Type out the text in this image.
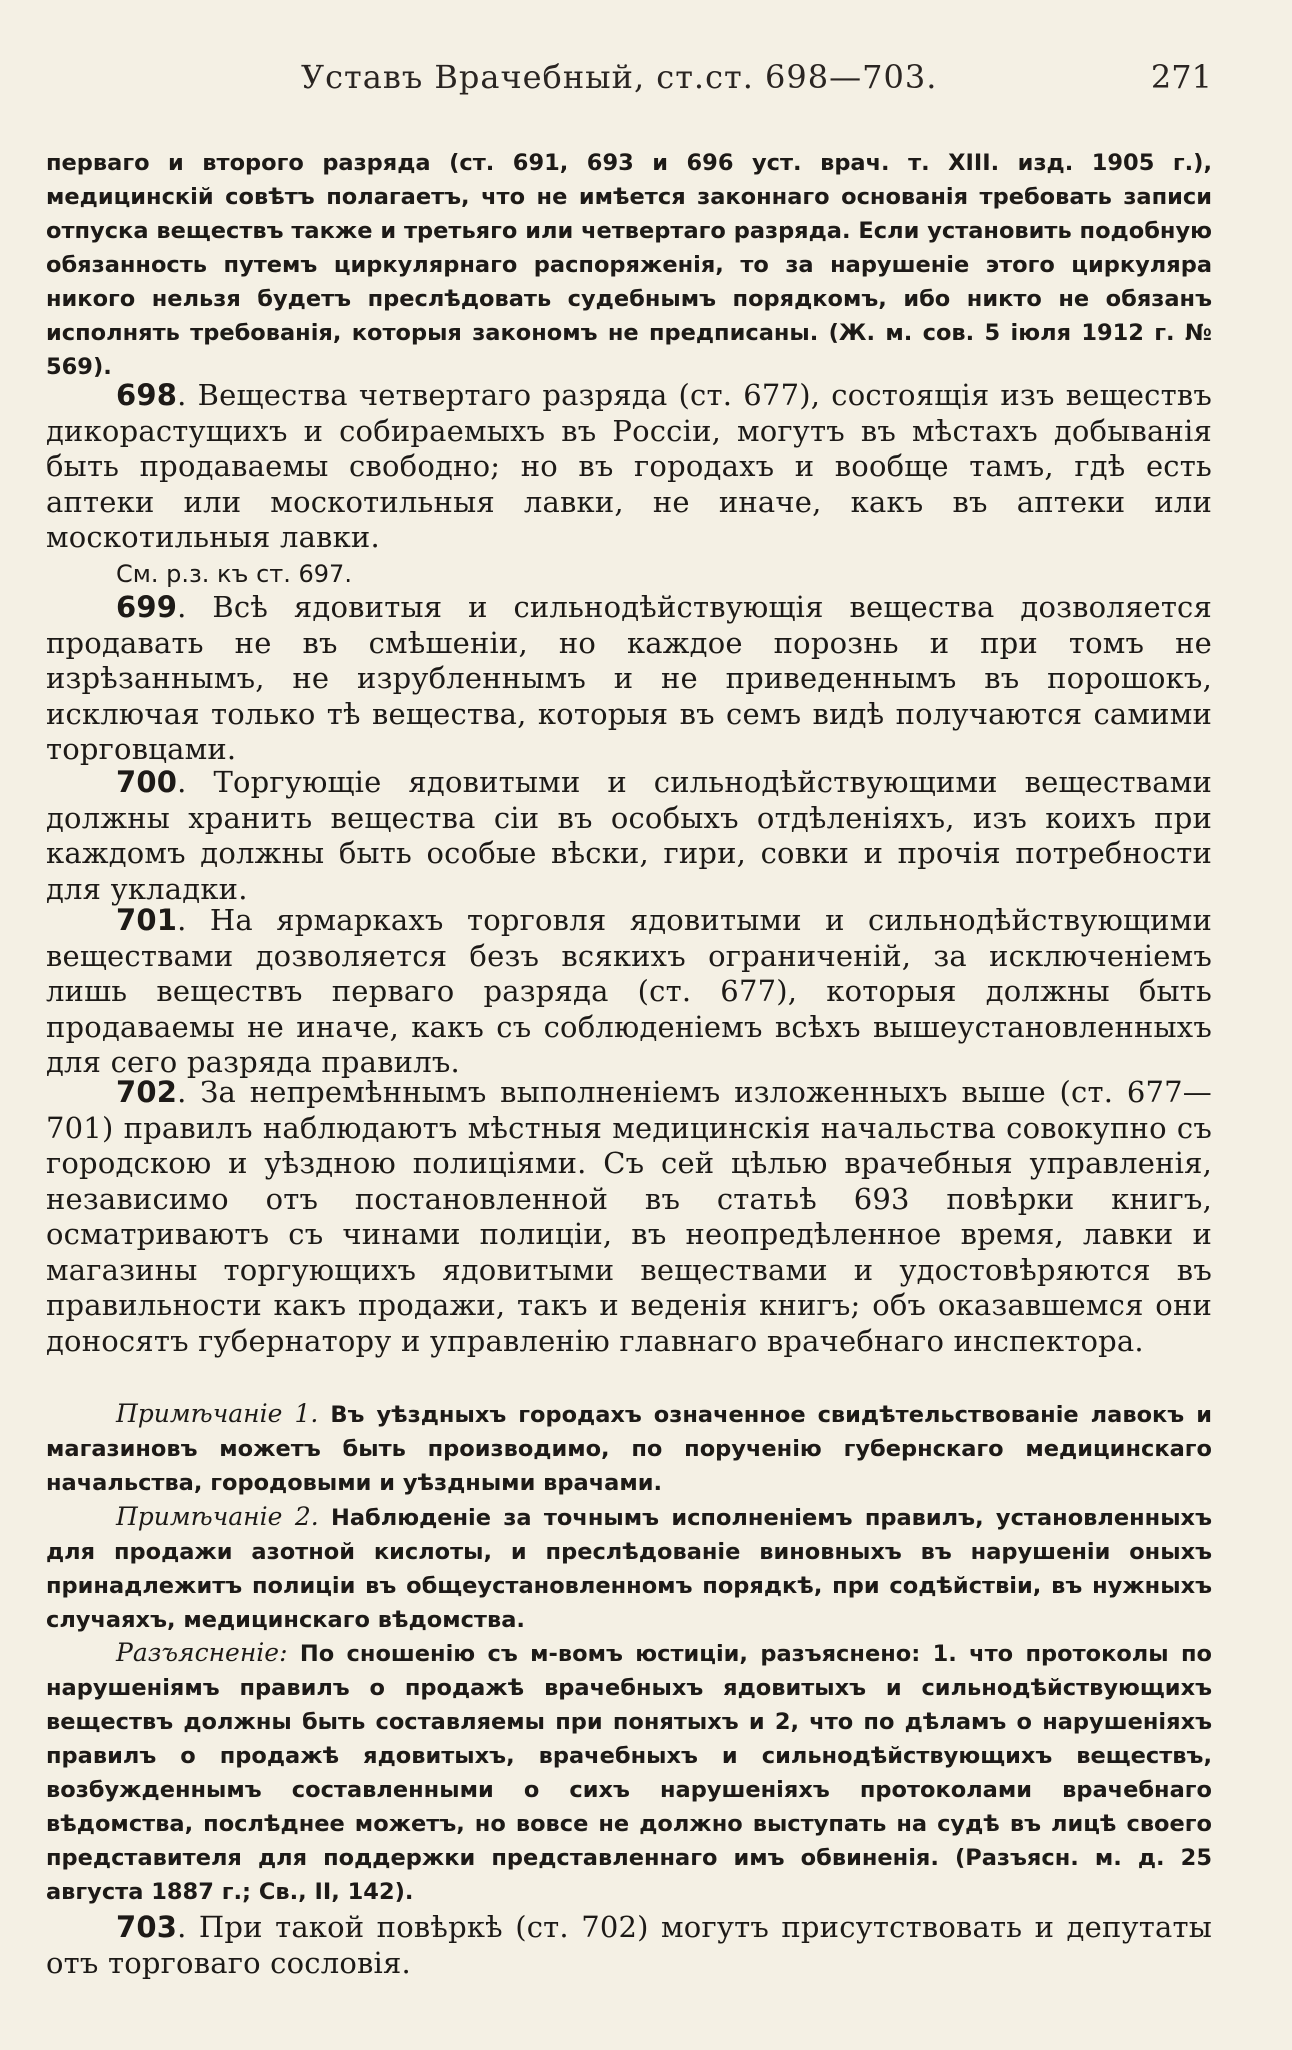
Уставъ Врачебный, ст.ст. 698—703.	271

перваго и второго разряда (ст. 691, 693 и 696 уст. врач. т. XIII. изд. 1905 г.), медицинскій совѣтъ полагаетъ, что не имѣется законнаго основанія требовать записи отпуска веществъ также и третьяго или четвертаго разряда. Если установить подобную обязанность путемъ циркулярнаго распоряженія, то за нарушеніе этого циркуляра никого нельзя будетъ преслѣдовать судебнымъ порядкомъ, ибо никто не обязанъ исполнять требованія, которыя закономъ не предписаны. (Ж. м. сов. 5 іюля 1912 г. № 569).

698. Вещества четвертаго разряда (ст. 677), состоящія изъ веществъ дикорастущихъ и собираемыхъ въ Россіи, могутъ въ мѣстахъ добыванія быть продаваемы свободно; но въ городахъ и вообще тамъ, гдѣ есть аптеки или москотильныя лавки, не иначе, какъ въ аптеки или москотильныя лавки.

См. р.з. къ ст. 697.

699. Всѣ ядовитыя и сильнодѣйствующія вещества дозволяется продавать не въ смѣшеніи, но каждое порознь и при томъ не изрѣзаннымъ, не изрубленнымъ и не приведеннымъ въ порошокъ, исключая только тѣ вещества, которыя въ семъ видѣ получаются самими торговцами.

700. Торгующіе ядовитыми и сильнодѣйствующими веществами должны хранить вещества сіи въ особыхъ отдѣленіяхъ, изъ коихъ при каждомъ должны быть особые вѣски, гири, совки и прочія потребности для укладки.

701. На ярмаркахъ торговля ядовитыми и сильнодѣйствующими веществами дозволяется безъ всякихъ ограниченій, за исключеніемъ лишь веществъ перваго разряда (ст. 677), которыя должны быть продаваемы не иначе, какъ съ соблюденіемъ всѣхъ вышеустановленныхъ для сего разряда правилъ.

702. За непремѣннымъ выполненіемъ изложенныхъ выше (ст. 677—701) правилъ наблюдаютъ мѣстныя медицинскія начальства совокупно съ городскою и уѣздною полиціями. Съ сей цѣлью врачебныя управленія, независимо отъ постановленной въ статьѣ 693 повѣрки книгъ, осматриваютъ съ чинами полиціи, въ неопредѣленное время, лавки и магазины торгующихъ ядовитыми веществами и удостовѣряются въ правильности какъ продажи, такъ и веденія книгъ; объ оказавшемся они доносятъ губернатору и управленію главнаго врачебнаго инспектора.

Примѣчаніе 1. Въ уѣздныхъ городахъ означенное свидѣтельствованіе лавокъ и магазиновъ можетъ быть производимо, по порученію губернскаго медицинскаго начальства, городовыми и уѣздными врачами.

Примѣчаніе 2. Наблюденіе за точнымъ исполненіемъ правилъ, установленныхъ для продажи азотной кислоты, и преслѣдованіе виновныхъ въ нарушеніи оныхъ принадлежитъ полиціи въ общеустановленномъ порядкѣ, при содѣйствіи, въ нужныхъ случаяхъ, медицинскаго вѣдомства.

Разъясненіе: По сношенію съ м-вомъ юстиціи, разъяснено: 1. что протоколы по нарушеніямъ правилъ о продажѣ врачебныхъ ядовитыхъ и сильнодѣйствующихъ веществъ должны быть составляемы при понятыхъ и 2, что по дѣламъ о нарушеніяхъ правилъ о продажѣ ядовитыхъ, врачебныхъ и сильнодѣйствующихъ веществъ, возбужденнымъ составленными о сихъ нарушеніяхъ протоколами врачебнаго вѣдомства, послѣднее можетъ, но вовсе не должно выступать на судѣ въ лицѣ своего представителя для поддержки представленнаго имъ обвиненія. (Разъясн. м. д. 25 августа 1887 г.; Св., II, 142).

703. При такой повѣркѣ (ст. 702) могутъ присутствовать и депутаты отъ торговаго сословія.
